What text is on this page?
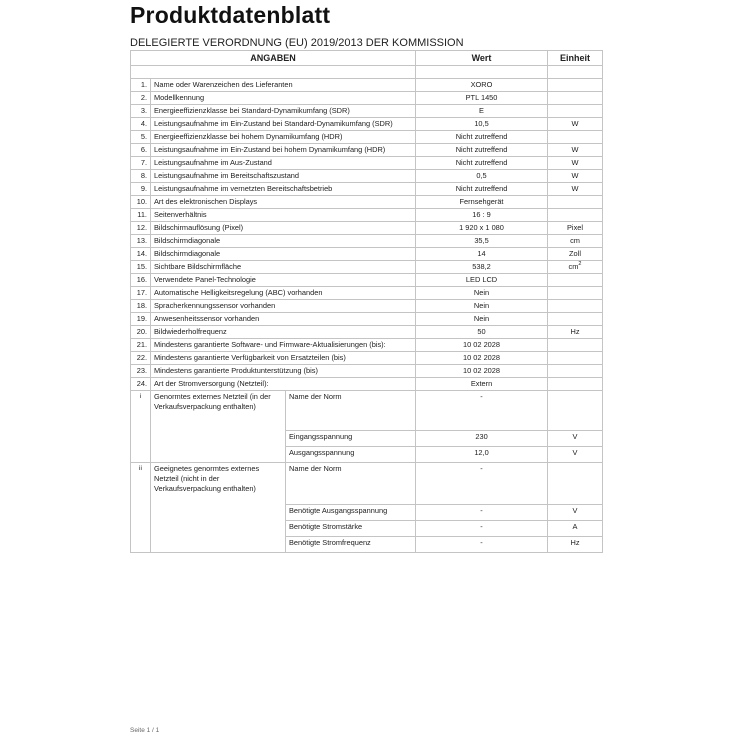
Produktdatenblatt
DELEGIERTE VERORDNUNG (EU) 2019/2013 DER KOMMISSION
ANGABEN			Wert	Einheit

1.	Name oder Warenzeichen des Lieferanten		XORO	
2.	Modellkennung		PTL 1450	
3.	Energieeffizienzklasse bei Standard-Dynamikumfang (SDR)		E	
4.	Leistungsaufnahme im Ein-Zustand bei Standard-Dynamikumfang (SDR)		10,5	W
5.	Energieeffizienzklasse bei hohem Dynamikumfang (HDR)		Nicht zutreffend	
6.	Leistungsaufnahme im Ein-Zustand bei hohem Dynamikumfang (HDR)		Nicht zutreffend	W
7.	Leistungsaufnahme im Aus-Zustand		Nicht zutreffend	W
8.	Leistungsaufnahme im Bereitschaftszustand		0,5	W
9.	Leistungsaufnahme im vernetzten Bereitschaftsbetrieb		Nicht zutreffend	W
10.	Art des elektronischen Displays		Fernsehgerät	
11.	Seitenverhältnis		16 : 9	
12.	Bildschirmauflösung (Pixel)		1 920 x 1 080	Pixel
13.	Bildschirmdiagonale		35,5	cm
14.	Bildschirmdiagonale		14	Zoll
15.	Sichtbare Bildschirmfläche		538,2	$cm^2$
16.	Verwendete Panel-Technologie		LED LCD	
17.	Automatische Helligkeitsregelung (ABC) vorhanden		Nein	
18.	Spracherkennungssensor vorhanden		Nein	
19.	Anwesenheitssensor vorhanden		Nein	
20.	Bildwiederholfrequenz		50	Hz
21.	Mindestens garantierte Software- und Firmware-Aktualisierungen (bis):		10 02 2028	
22.	Mindestens garantierte Verfügbarkeit von Ersatzteilen (bis)		10 02 2028	
23.	Mindestens garantierte Produktunterstützung (bis)		10 02 2028	
24.	Art der Stromversorgung (Netzteil):		Extern	
i	Genormtes externes Netzteil (in der Verkaufsverpackung enthalten)	Name der Norm	-	
		Eingangsspannung	230	V
		Ausgangsspannung	12,0	V
ii	Geeignetes genormtes externes Netzteil (nicht in der Verkaufsverpackung enthalten)	Name der Norm	-	
		Benötigte Ausgangsspannung	-	V
		Benötigte Stromstärke	-	A
		Benötigte Stromfrequenz	-	Hz
Seite 1 / 1
